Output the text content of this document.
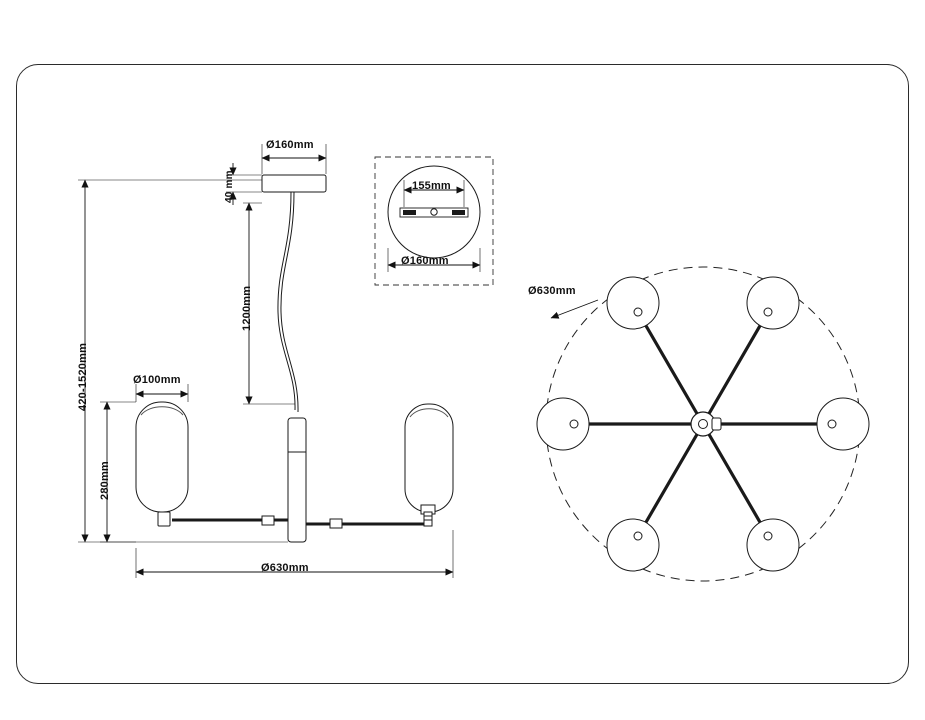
Ø160mm
40 mm
1200mm
420-1520mm
280mm
Ø100mm
Ø630mm
155mm
Ø160mm
Ø630mm
